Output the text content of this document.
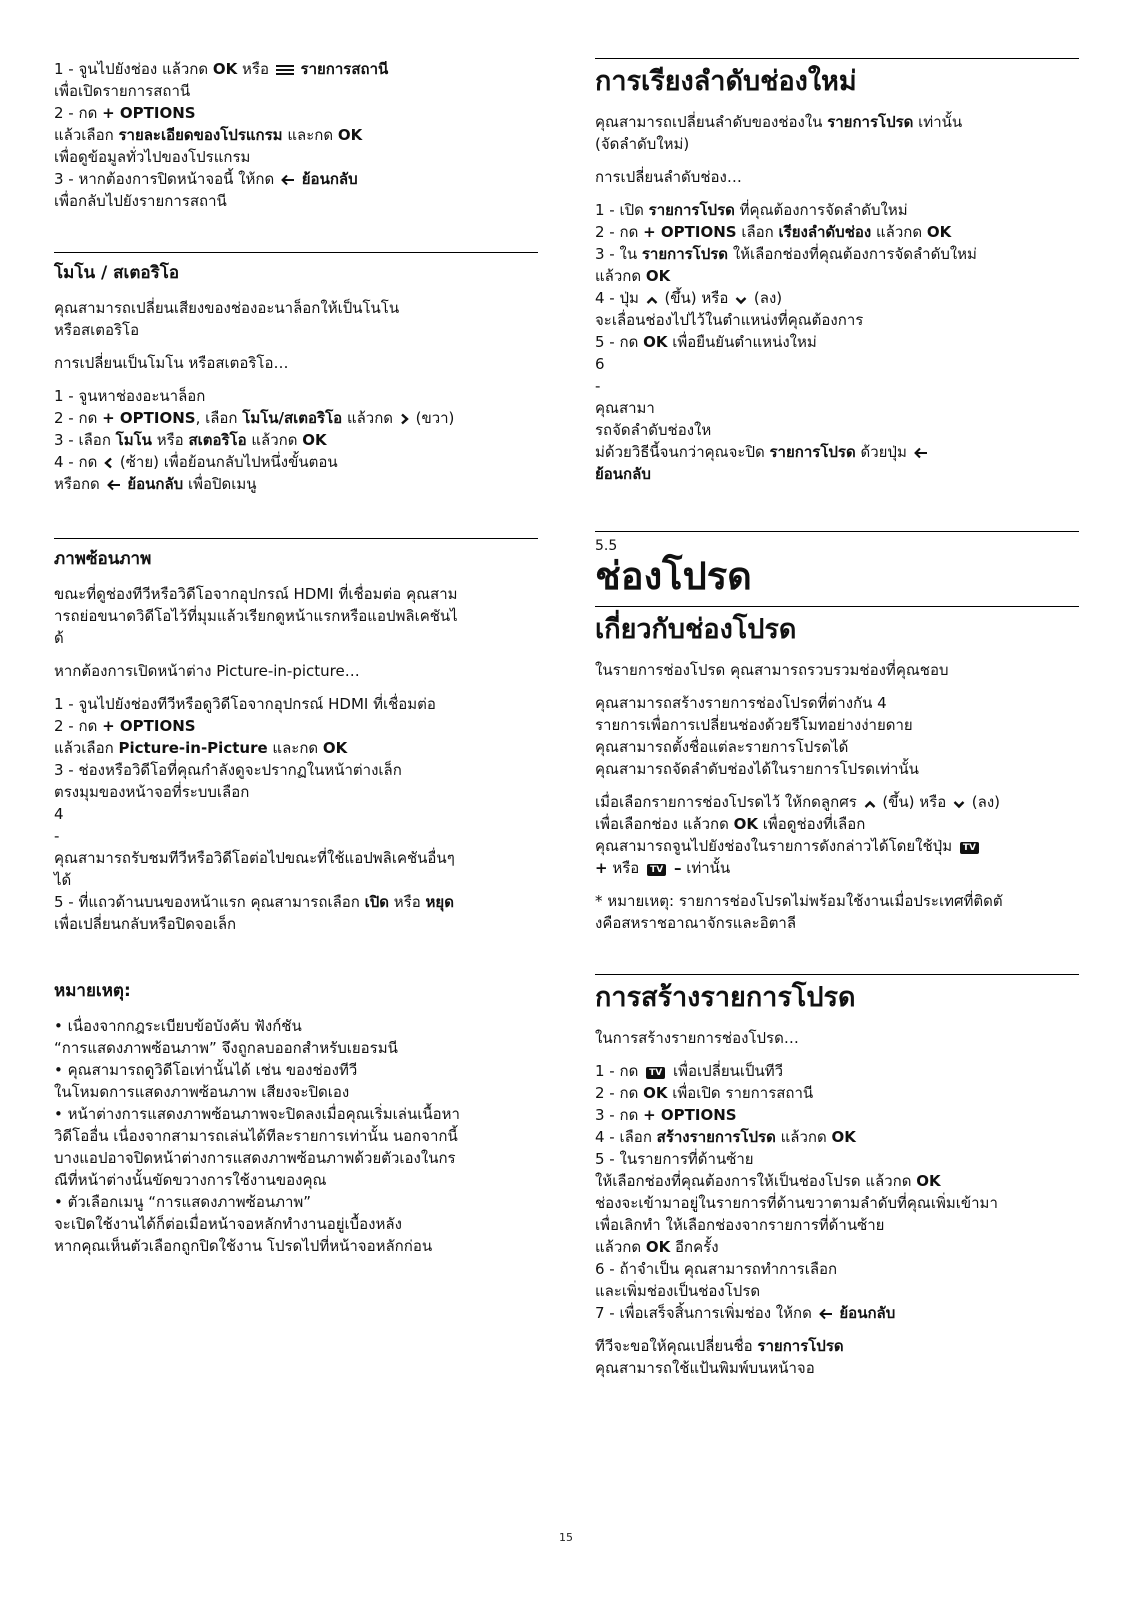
1 - จูนไปยังช่อง แล้วกด OK หรือ  รายการสถานี

เพื่อเปิดรายการสถานี

2 - กด + OPTIONS

แล้วเลือก รายละเอียดของโปรแกรม และกด OK

เพื่อดูข้อมูลทั่วไปของโปรแกรม

3 - หากต้องการปิดหน้าจอนี้ ให้กด  ย้อนกลับ

เพื่อกลับไปยังรายการสถานี

โมโน / สเตอริโอ

คุณสามารถเปลี่ยนเสียงของช่องอะนาล็อกให้เป็นโนโน

หรือสเตอริโอ

การเปลี่ยนเป็นโมโน หรือสเตอริโอ…

1 - จูนหาช่องอะนาล็อก

2 - กด + OPTIONS, เลือก โมโน/สเตอริโอ แล้วกด  (ขวา)

3 - เลือก โมโน หรือ สเตอริโอ แล้วกด OK

4 - กด  (ซ้าย) เพื่อย้อนกลับไปหนึ่งขั้นตอน

หรือกด  ย้อนกลับ เพื่อปิดเมนู

ภาพซ้อนภาพ

ขณะที่ดูช่องทีวีหรือวิดีโอจากอุปกรณ์ HDMI ที่เชื่อมต่อ คุณสาม

ารถย่อขนาดวิดีโอไว้ที่มุมแล้วเรียกดูหน้าแรกหรือแอปพลิเคชันไ

ด้

หากต้องการเปิดหน้าต่าง Picture-in-picture…

1 - จูนไปยังช่องทีวีหรือดูวิดีโอจากอุปกรณ์ HDMI ที่เชื่อมต่อ

2 - กด + OPTIONS

แล้วเลือก Picture-in-Picture และกด OK

3 - ช่องหรือวิดีโอที่คุณกำลังดูจะปรากฏในหน้าต่างเล็ก

ตรงมุมของหน้าจอที่ระบบเลือก

4

-

คุณสามารถรับชมทีวีหรือวิดีโอต่อไปขณะที่ใช้แอปพลิเคชันอื่นๆ

ได้

5 - ที่แถวด้านบนของหน้าแรก คุณสามารถเลือก เปิด หรือ หยุด

เพื่อเปลี่ยนกลับหรือปิดจอเล็ก

หมายเหตุ:

• เนื่องจากกฎระเบียบข้อบังคับ ฟังก์ชัน

“การแสดงภาพซ้อนภาพ” จึงถูกลบออกสำหรับเยอรมนี

• คุณสามารถดูวิดีโอเท่านั้นได้ เช่น ของช่องทีวี

ในโหมดการแสดงภาพซ้อนภาพ เสียงจะปิดเอง

• หน้าต่างการแสดงภาพซ้อนภาพจะปิดลงเมื่อคุณเริ่มเล่นเนื้อหา

วิดีโออื่น เนื่องจากสามารถเล่นได้ทีละรายการเท่านั้น นอกจากนี้

บางแอปอาจปิดหน้าต่างการแสดงภาพซ้อนภาพด้วยตัวเองในกร

ณีที่หน้าต่างนั้นขัดขวางการใช้งานของคุณ

• ตัวเลือกเมนู “การแสดงภาพซ้อนภาพ”

จะเปิดใช้งานได้ก็ต่อเมื่อหน้าจอหลักทำงานอยู่เบื้องหลัง

หากคุณเห็นตัวเลือกถูกปิดใช้งาน โปรดไปที่หน้าจอหลักก่อน

การเรียงลำดับช่องใหม่

คุณสามารถเปลี่ยนลำดับของช่องใน รายการโปรด เท่านั้น

(จัดลำดับใหม่)

การเปลี่ยนลำดับช่อง…

1 - เปิด รายการโปรด ที่คุณต้องการจัดลำดับใหม่

2 - กด + OPTIONS เลือก เรียงลำดับช่อง แล้วกด OK

3 - ใน รายการโปรด ให้เลือกช่องที่คุณต้องการจัดลำดับใหม่

แล้วกด OK

4 - ปุ่ม  (ขึ้น) หรือ  (ลง)

จะเลื่อนช่องไปไว้ในตำแหน่งที่คุณต้องการ

5 - กด OK เพื่อยืนยันตำแหน่งใหม่

6

-

คุณสามา

รถจัดลำดับช่องให

ม่ด้วยวิธีนี้จนกว่าคุณจะปิด รายการโปรด ด้วยปุ่ม

ย้อนกลับ

5.5
ช่องโปรด
เกี่ยวกับช่องโปรด

ในรายการช่องโปรด คุณสามารถรวบรวมช่องที่คุณชอบ

คุณสามารถสร้างรายการช่องโปรดที่ต่างกัน 4

รายการเพื่อการเปลี่ยนช่องด้วยรีโมทอย่างง่ายดาย

คุณสามารถตั้งชื่อแต่ละรายการโปรดได้

คุณสามารถจัดลำดับช่องได้ในรายการโปรดเท่านั้น

เมื่อเลือกรายการช่องโปรดไว้ ให้กดลูกศร  (ขึ้น) หรือ  (ลง)

เพื่อเลือกช่อง แล้วกด OK เพื่อดูช่องที่เลือก

คุณสามารถจูนไปยังช่องในรายการดังกล่าวได้โดยใช้ปุ่ม TV

+ หรือ TV – เท่านั้น

* หมายเหตุ: รายการช่องโปรดไม่พร้อมใช้งานเมื่อประเทศที่ติดตั

งคือสหราชอาณาจักรและอิตาลี

การสร้างรายการโปรด

ในการสร้างรายการช่องโปรด…

1 - กด TV เพื่อเปลี่ยนเป็นทีวี

2 - กด OK เพื่อเปิด รายการสถานี

3 - กด + OPTIONS

4 - เลือก สร้างรายการโปรด แล้วกด OK

5 - ในรายการที่ด้านซ้าย

ให้เลือกช่องที่คุณต้องการให้เป็นช่องโปรด แล้วกด OK

ช่องจะเข้ามาอยู่ในรายการที่ด้านขวาตามลำดับที่คุณเพิ่มเข้ามา

เพื่อเลิกทำ ให้เลือกช่องจากรายการที่ด้านซ้าย

แล้วกด OK อีกครั้ง

6 - ถ้าจำเป็น คุณสามารถทำการเลือก

และเพิ่มช่องเป็นช่องโปรด

7 - เพื่อเสร็จสิ้นการเพิ่มช่อง ให้กด  ย้อนกลับ

ทีวีจะขอให้คุณเปลี่ยนชื่อ รายการโปรด

คุณสามารถใช้แป้นพิมพ์บนหน้าจอ

15
